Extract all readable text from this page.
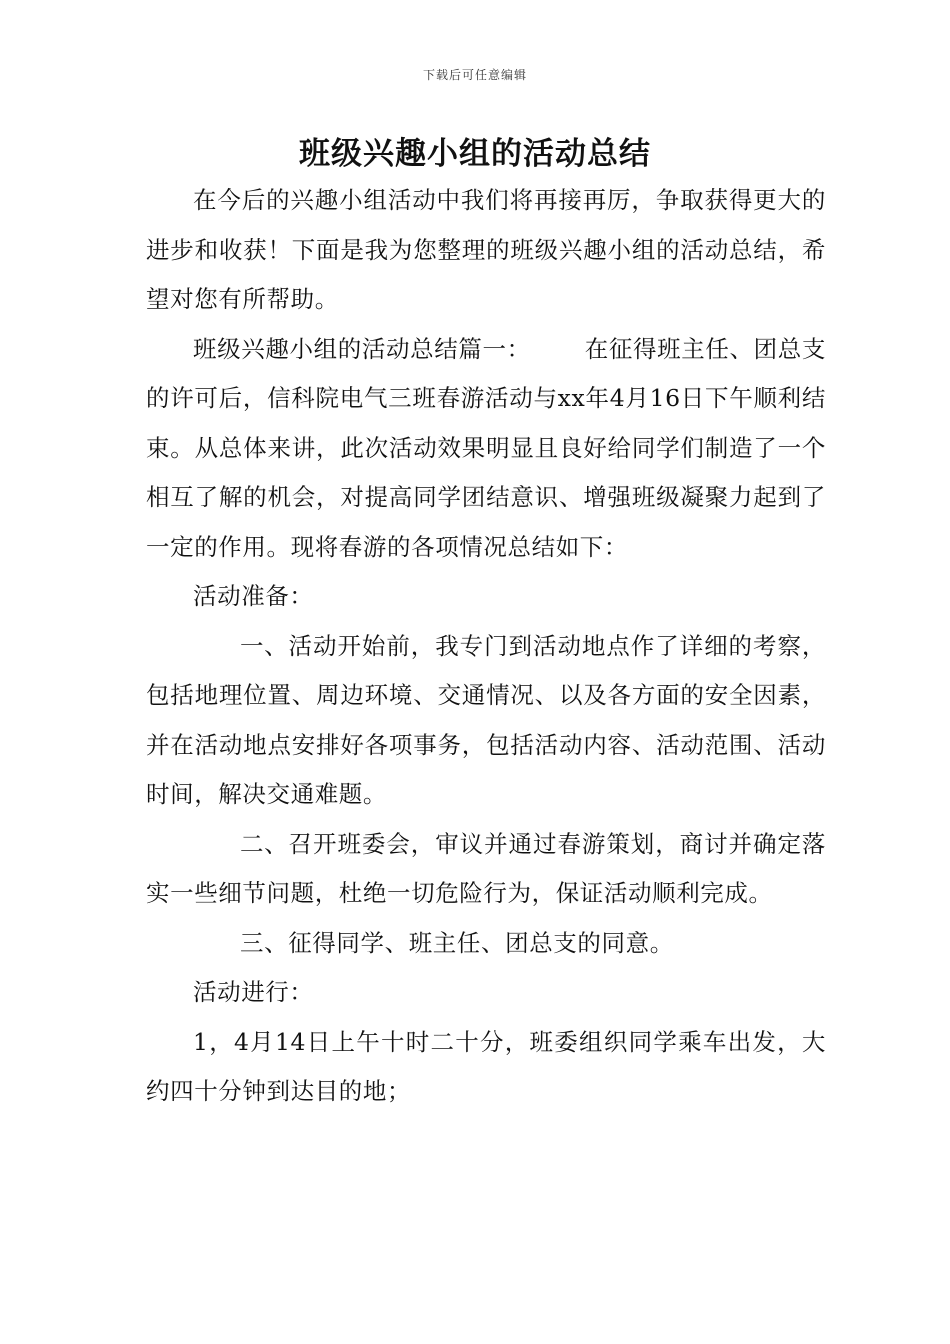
下载后可任意编辑
班级兴趣小组的活动总结

在今后的兴趣小组活动中我们将再接再厉，争取获得更大的进步和收获！下面是我为您整理的班级兴趣小组的活动总结，希望对您有所帮助。

班级兴趣小组的活动总结篇一： 在征得班主任、团总支的许可后，信科院电气三班春游活动与xx年4月16日下午顺利结束。从总体来讲，此次活动效果明显且良好给同学们制造了一个相互了解的机会，对提高同学团结意识、增强班级凝聚力起到了一定的作用。现将春游的各项情况总结如下：

活动准备：

一、活动开始前，我专门到活动地点作了详细的考察，包括地理位置、周边环境、交通情况、以及各方面的安全因素，并在活动地点安排好各项事务，包括活动内容、活动范围、活动时间，解决交通难题。

二、召开班委会，审议并通过春游策划，商讨并确定落实一些细节问题，杜绝一切危险行为，保证活动顺利完成。

三、征得同学、班主任、团总支的同意。

活动进行：

1，4月14日上午十时二十分，班委组织同学乘车出发，大约四十分钟到达目的地；
